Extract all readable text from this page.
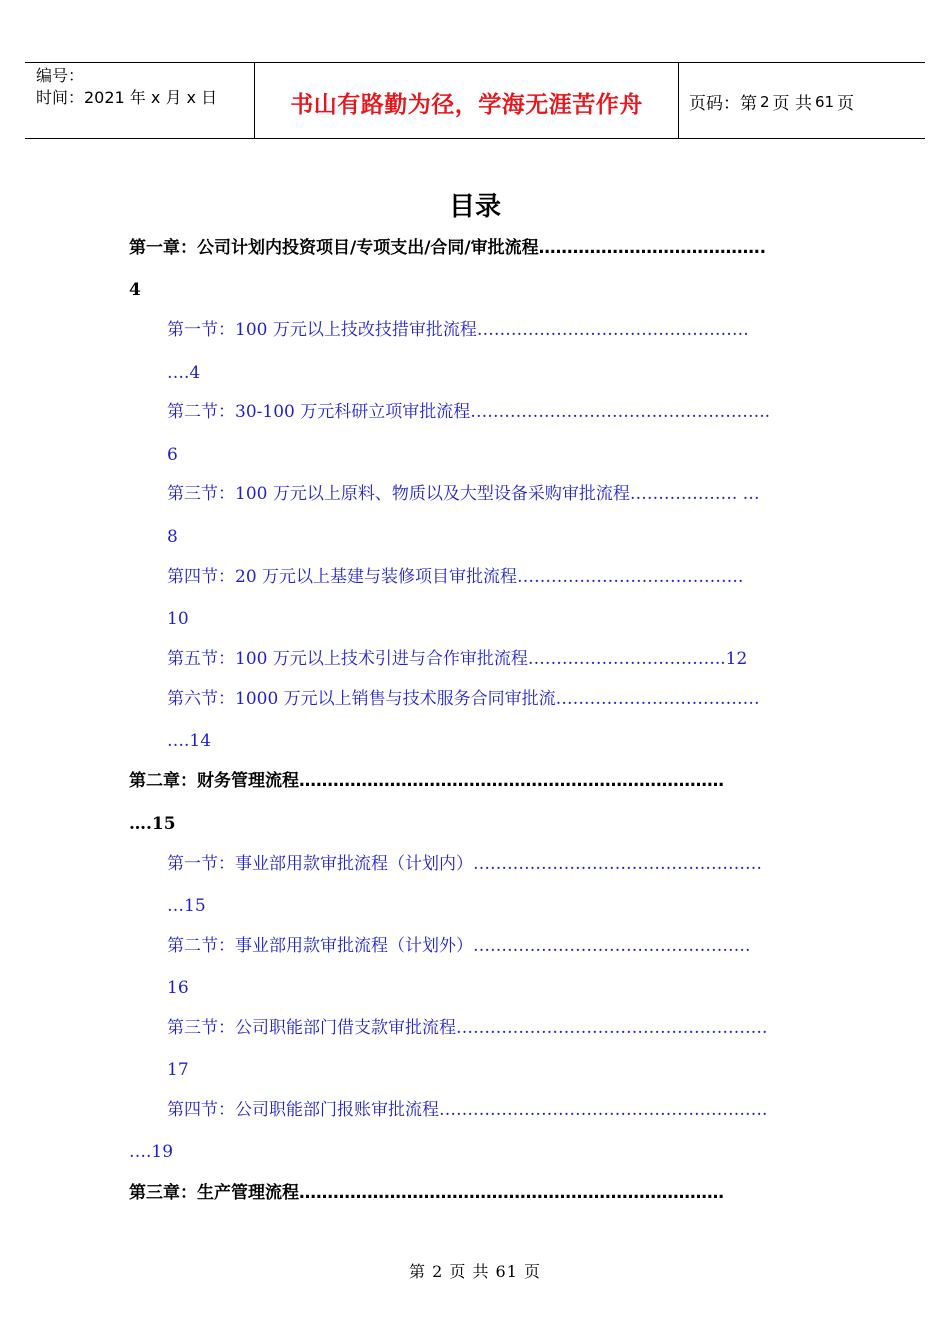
编号：
时间：2021 年 x 月 x 日	书山有路勤为径，学海无涯苦作舟	页码：第 2 页 共 61 页
目录
第一章：公司计划内投资项目/专项支出/合同/审批流程………………………………….
4
第一节：100 万元以上技改技措审批流程…………………………………………
….4
第二节：30-100 万元科研立项审批流程……………………………………………..
6
第三节：100 万元以上原料、物质以及大型设备采购审批流程………………. …
8
第四节：20 万元以上基建与装修项目审批流程………………………………….
10
第五节：100 万元以上技术引进与合作审批流程……………………………..12
第六节：1000 万元以上销售与技术服务合同审批流………………………………
….14
第二章：财务管理流程…………………………………………………………………
….15
第一节：事业部用款审批流程（计划内）……………………………………………
…15
第二节：事业部用款审批流程（计划外）………………………………………….
16
第三节：公司职能部门借支款审批流程……………………………………………….
17
第四节：公司职能部门报账审批流程………………………………………………….
….19
第三章：生产管理流程…………………………………………………………………
第 2 页 共 61 页
